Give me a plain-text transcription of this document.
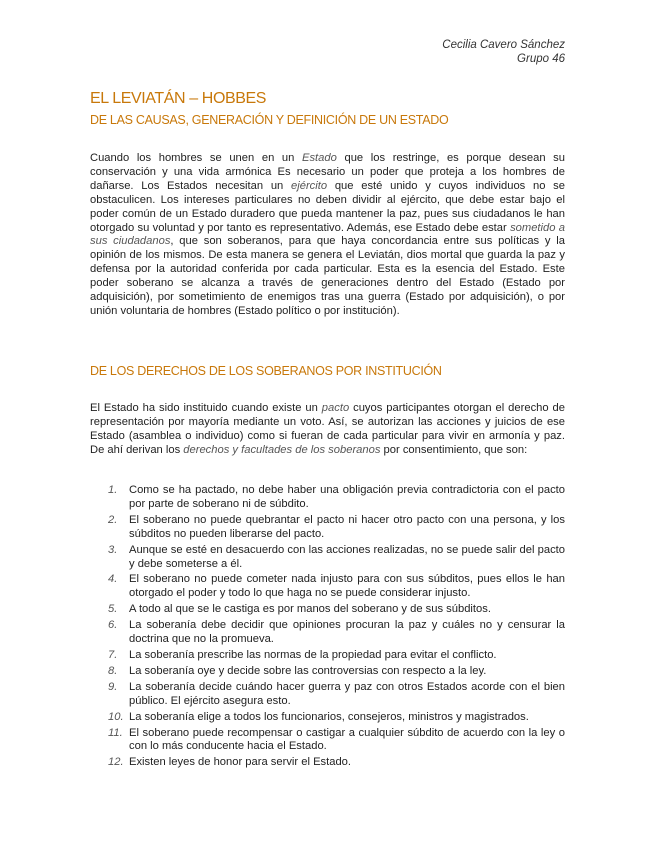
Cecilia Cavero Sánchez
Grupo 46
EL LEVIATÁN – HOBBES
DE LAS CAUSAS, GENERACIÓN Y DEFINICIÓN DE UN ESTADO

Cuando los hombres se unen en un Estado que los restringe, es porque desean su conservación y una vida armónica Es necesario un poder que proteja a los hombres de dañarse. Los Estados necesitan un ejército que esté unido y cuyos individuos no se obstaculicen. Los intereses particulares no deben dividir al ejército, que debe estar bajo el poder común de un Estado duradero que pueda mantener la paz, pues sus ciudadanos le han otorgado su voluntad y por tanto es representativo. Además, ese Estado debe estar sometido a sus ciudadanos, que son soberanos, para que haya concordancia entre sus políticas y la opinión de los mismos. De esta manera se genera el Leviatán, dios mortal que guarda la paz y defensa por la autoridad conferida por cada particular. Esta es la esencia del Estado. Este poder soberano se alcanza a través de generaciones dentro del Estado (Estado por adquisición), por sometimiento de enemigos tras una guerra (Estado por adquisición), o por unión voluntaria de hombres (Estado político o por institución).

DE LOS DERECHOS DE LOS SOBERANOS POR INSTITUCIÓN

El Estado ha sido instituido cuando existe un pacto cuyos participantes otorgan el derecho de representación por mayoría mediante un voto. Así, se autorizan las acciones y juicios de ese Estado (asamblea o individuo) como si fueran de cada particular para vivir en armonía y paz. De ahí derivan los derechos y facultades de los soberanos por consentimiento, que son:

1. Como se ha pactado, no debe haber una obligación previa contradictoria con el pacto por parte de soberano ni de súbdito.
2. El soberano no puede quebrantar el pacto ni hacer otro pacto con una persona, y los súbditos no pueden liberarse del pacto.
3. Aunque se esté en desacuerdo con las acciones realizadas, no se puede salir del pacto y debe someterse a él.
4. El soberano no puede cometer nada injusto para con sus súbditos, pues ellos le han otorgado el poder y todo lo que haga no se puede considerar injusto.
5. A todo al que se le castiga es por manos del soberano y de sus súbditos.
6. La soberanía debe decidir que opiniones procuran la paz y cuáles no y censurar la doctrina que no la promueva.
7. La soberanía prescribe las normas de la propiedad para evitar el conflicto.
8. La soberanía oye y decide sobre las controversias con respecto a la ley.
9. La soberanía decide cuándo hacer guerra y paz con otros Estados acorde con el bien público. El ejército asegura esto.
10. La soberanía elige a todos los funcionarios, consejeros, ministros y magistrados.
11. El soberano puede recompensar o castigar a cualquier súbdito de acuerdo con la ley o con lo más conducente hacia el Estado.
12. Existen leyes de honor para servir el Estado.
